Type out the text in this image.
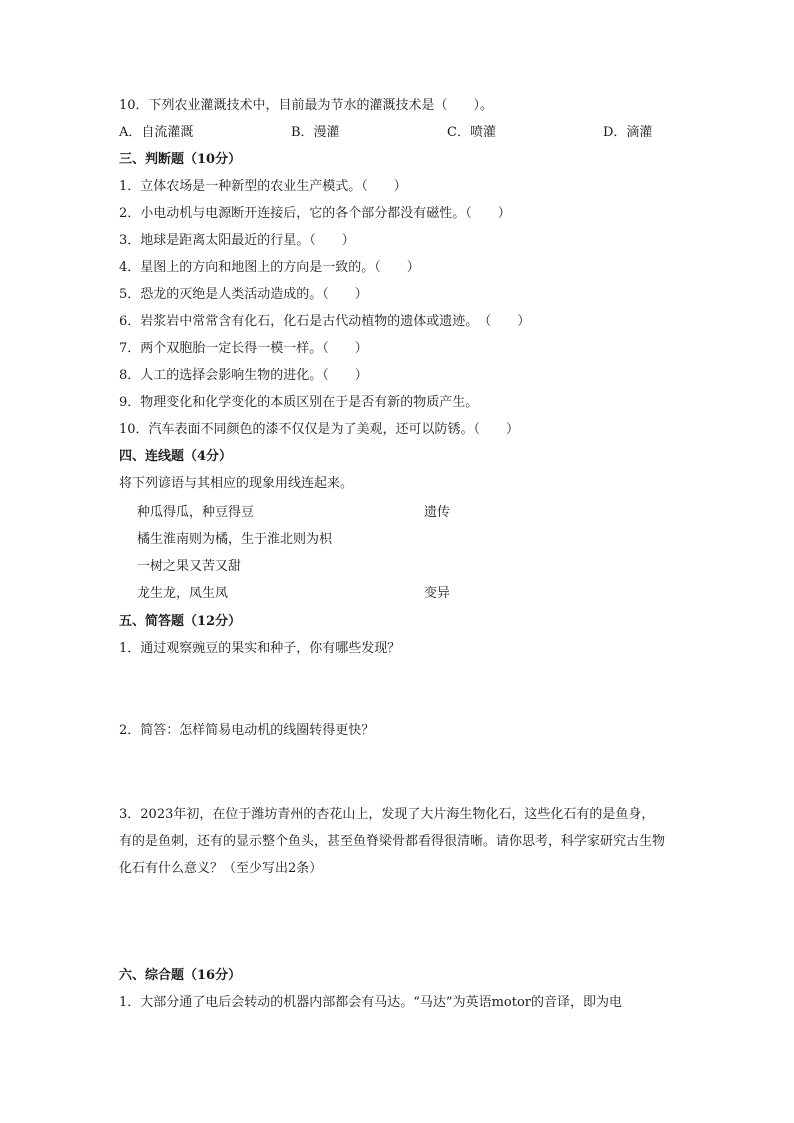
10．下列农业灌溉技术中，目前最为节水的灌溉技术是（　　）。
A．自流灌溉	B．漫灌	C．喷灌	D．滴灌
三、判断题（10分）
1．立体农场是一种新型的农业生产模式。（　　）
2．小电动机与电源断开连接后，它的各个部分都没有磁性。（　　）
3．地球是距离太阳最近的行星。（　　）
4．星图上的方向和地图上的方向是一致的。（　　）
5．恐龙的灭绝是人类活动造成的。（　　）
6．岩浆岩中常常含有化石，化石是古代动植物的遗体或遗迹。　（　　）
7．两个双胞胎一定长得一模一样。（　　）
8．人工的选择会影响生物的进化。（　　）
9．物理变化和化学变化的本质区别在于是否有新的物质产生。
10．汽车表面不同颜色的漆不仅仅是为了美观，还可以防锈。（　　）
四、连线题（4分）
将下列谚语与其相应的现象用线连起来。
种瓜得瓜，种豆得豆	遗传
橘生淮南则为橘，生于淮北则为枳
一树之果又苦又甜
龙生龙，凤生凤	变异
五、简答题（12分）
1．通过观察豌豆的果实和种子，你有哪些发现？
2．简答：怎样简易电动机的线圈转得更快？
3．2023年初，在位于潍坊青州的杏花山上，发现了大片海生物化石，这些化石有的是鱼身，有的是鱼刺，还有的显示整个鱼头，甚至鱼脊梁骨都看得很清晰。请你思考，科学家研究古生物化石有什么意义？（至少写出2条）
六、综合题（16分）
1．大部分通了电后会转动的机器内部都会有马达。“马达”为英语motor的音译，即为电
